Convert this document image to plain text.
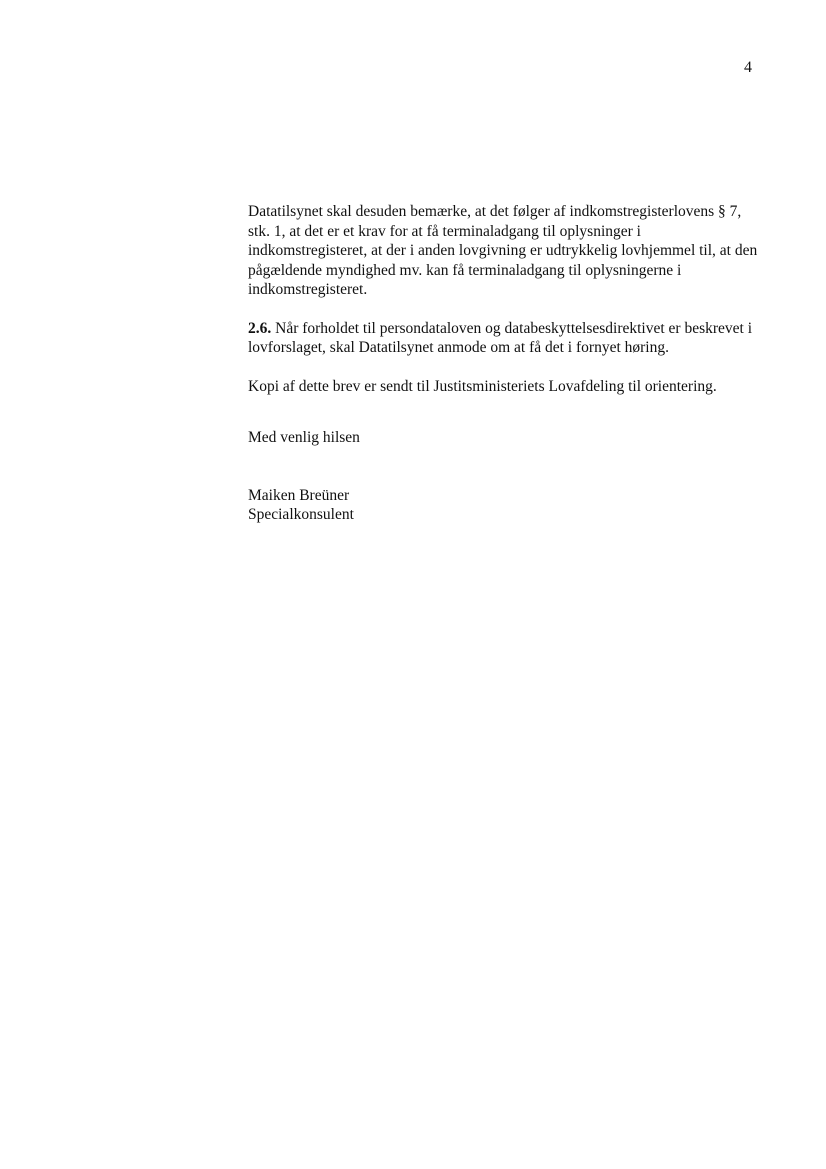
4

Datatilsynet skal desuden bemærke, at det følger af indkomstregisterlovens § 7, stk. 1, at det er et krav for at få terminaladgang til oplysninger i indkomstregisteret, at der i anden lovgivning er udtrykkelig lovhjemmel til, at den pågældende myndighed mv. kan få terminaladgang til oplysningerne i indkomstregisteret.

2.6. Når forholdet til persondataloven og databeskyttelsesdirektivet er beskrevet i lovforslaget, skal Datatilsynet anmode om at få det i fornyet høring.

Kopi af dette brev er sendt til Justitsministeriets Lovafdeling til orientering.

Med venlig hilsen

Maiken Breüner
Specialkonsulent
